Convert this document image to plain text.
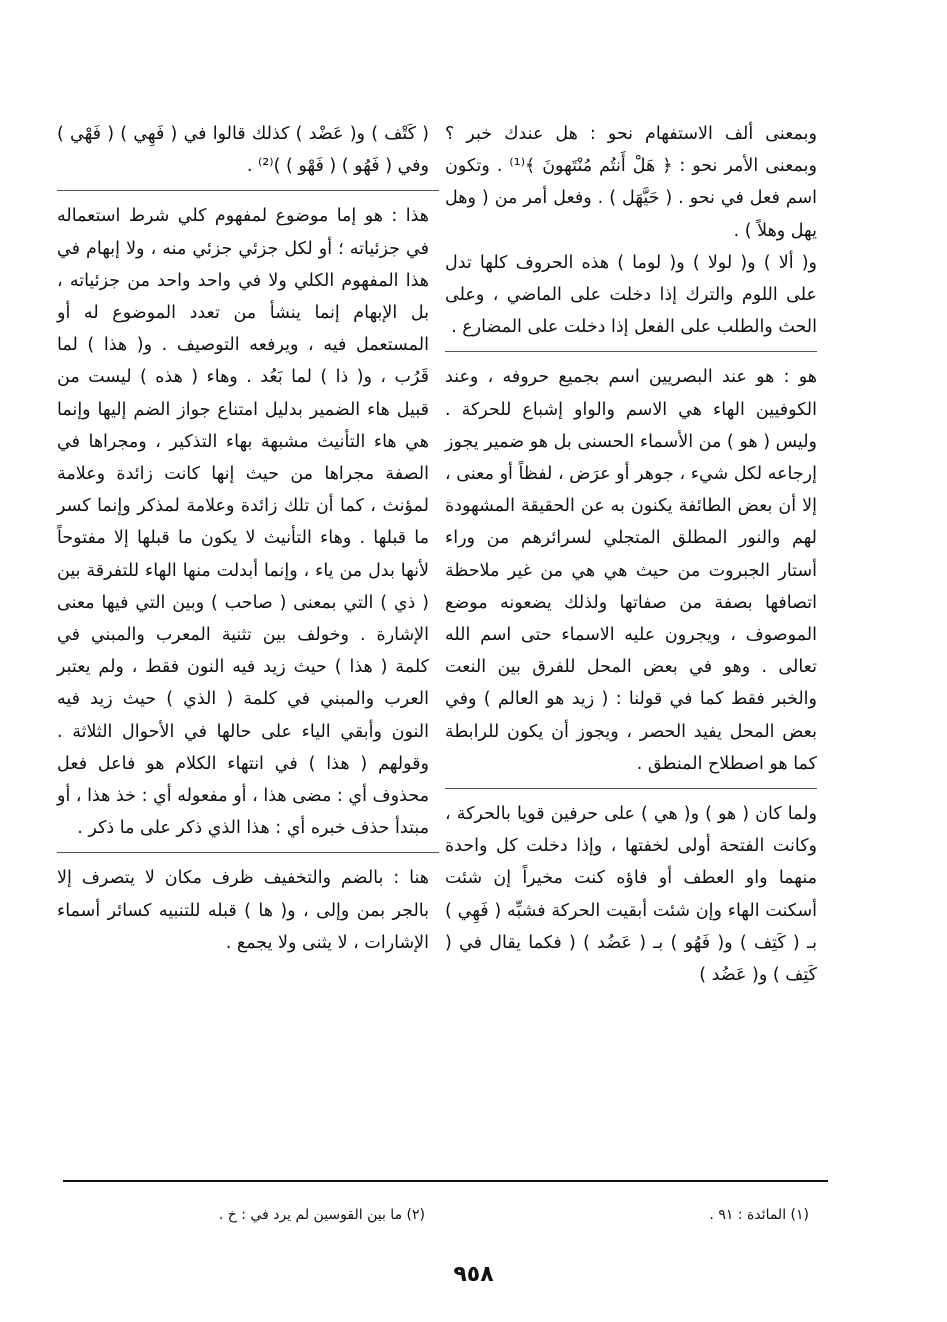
وبمعنى ألف الاستفهام نحو : هل عندك خبر ؟ وبمعنى الأمر نحو : ﴿ هَلْ أَنتُم مُنْتَهونَ ﴾⁽¹⁾ . وتكون اسم فعل في نحو . ( حَيَّهَل ) . وفعل أمر من ( وهل يهل وهلاً ) .

و( ألا ) و( لولا ) و( لوما ) هذه الحروف كلها تدل على اللوم والترك إذا دخلت على الماضي ، وعلى الحث والطلب على الفعل إذا دخلت على المضارع .

هو : هو عند البصريين اسم بجميع حروفه ، وعند الكوفيين الهاء هي الاسم والواو إشباع للحركة . وليس ( هو ) من الأسماء الحسنى بل هو ضمير يجوز إرجاعه لكل شيء ، جوهر أو عرَض ، لفظاً أو معنى ، إلا أن بعض الطائفة يكنون به عن الحقيقة المشهودة لهم والنور المطلق المتجلي لسرائرهم من وراء أستار الجبروت من حيث هي هي من غير ملاحظة اتصافها بصفة من صفاتها ولذلك يضعونه موضع الموصوف ، ويجرون عليه الاسماء حتى اسم الله تعالى . وهو في بعض المحل للفرق بين النعت والخبر فقط كما في قولنا : ( زيد هو العالم ) وفي بعض المحل يفيد الحصر ، ويجوز أن يكون للرابطة كما هو اصطلاح المنطق .

ولما كان ( هو ) و( هي ) على حرفين قويا بالحركة ، وكانت الفتحة أولى لخفتها ، وإذا دخلت كل واحدة منهما واو العطف أو فاؤه كنت مخيراً إن شئت أسكنت الهاء وإن شئت أبقيت الحركة فشبِّه ( فَهِي ) بـ ( كَتِف ) و( فَهُو ) بـ ( عَضُد ) ( فكما يقال في ( كَتِف ) و( عَضُد )

( كَتْف ) و( عَضْد ) كذلك قالوا في ( فَهِي ) ( فَهْي ) وفي ( فَهُو ) ( فَهْو ) )⁽²⁾ .

هذا : هو إما موضوع لمفهوم كلي شرط استعماله في جزئياته ؛ أو لكل جزئي جزئي منه ، ولا إبهام في هذا المفهوم الكلي ولا في واحد واحد من جزئياته ، بل الإبهام إنما ينشأ من تعدد الموضوع له أو المستعمل فيه ، ويرفعه التوصيف . و( هذا ) لما قَرُب ، و( ذا ) لما بَعُد . وهاء ( هذه ) ليست من قبيل هاء الضمير بدليل امتناع جواز الضم إليها وإنما هي هاء التأنيث مشبهة بهاء التذكير ، ومجراها في الصفة مجراها من حيث إنها كانت زائدة وعلامة لمؤنث ، كما أن تلك زائدة وعلامة لمذكر وإنما كسر ما قبلها . وهاء التأنيث لا يكون ما قبلها إلا مفتوحاً لأنها بدل من ياء ، وإنما أبدلت منها الهاء للتفرقة بين ( ذي ) التي بمعنى ( صاحب ) وبين التي فيها معنى الإشارة . وخولف بين تثنية المعرب والمبني في كلمة ( هذا ) حيث زيد فيه النون فقط ، ولم يعتبر العرب والمبني في كلمة ( الذي ) حيث زيد فيه النون وأبقي الياء على حالها في الأحوال الثلاثة . وقولهم ( هذا ) في انتهاء الكلام هو فاعل فعل محذوف أي : مضى هذا ، أو مفعوله أي : خذ هذا ، أو مبتدأ حذف خبره أي : هذا الذي ذكر على ما ذكر .

هنا : بالضم والتخفيف ظرف مكان لا يتصرف إلا بالجر بمن وإلى ، و( ها ) قبله للتنبيه كسائر أسماء الإشارات ، لا يثنى ولا يجمع .

(١) المائدة : ٩١ .
(٢) ما بين القوسين لم يرد في : خ .
٩٥٨
